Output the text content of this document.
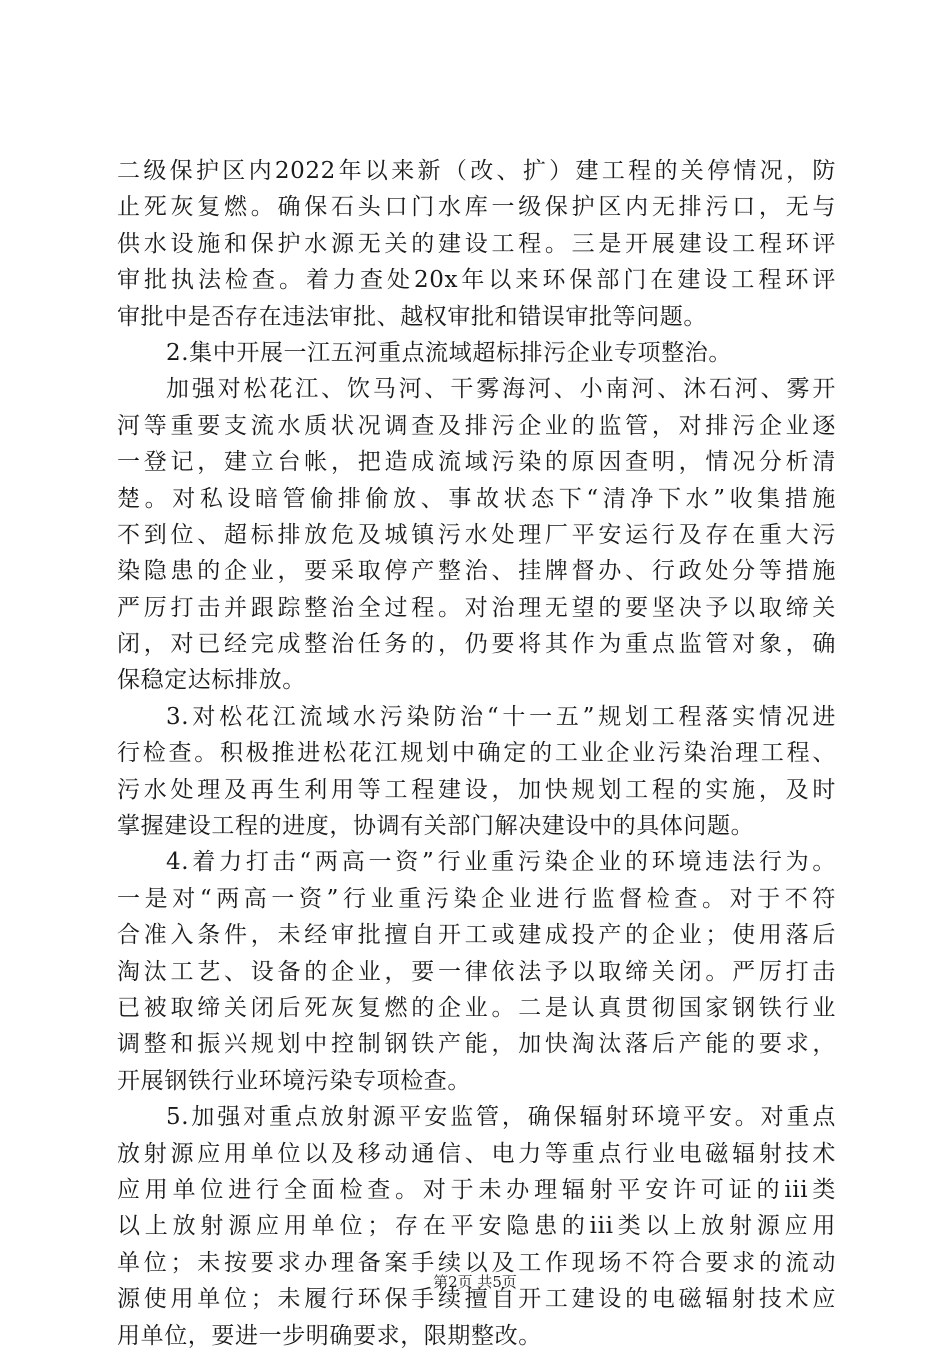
二级保护区内2022年以来新（改、扩）建工程的关停情况，防
止死灰复燃。确保石头口门水库一级保护区内无排污口，无与
供水设施和保护水源无关的建设工程。三是开展建设工程环评
审批执法检查。着力查处20x年以来环保部门在建设工程环评
审批中是否存在违法审批、越权审批和错误审批等问题。
2.集中开展一江五河重点流域超标排污企业专项整治。
加强对松花江、饮马河、干雾海河、小南河、沐石河、雾开
河等重要支流水质状况调查及排污企业的监管，对排污企业逐
一登记，建立台帐，把造成流域污染的原因查明，情况分析清
楚。对私设暗管偷排偷放、事故状态下“清净下水”收集措施
不到位、超标排放危及城镇污水处理厂平安运行及存在重大污
染隐患的企业，要采取停产整治、挂牌督办、行政处分等措施
严厉打击并跟踪整治全过程。对治理无望的要坚决予以取缔关
闭，对已经完成整治任务的，仍要将其作为重点监管对象，确
保稳定达标排放。
3.对松花江流域水污染防治“十一五”规划工程落实情况进
行检查。积极推进松花江规划中确定的工业企业污染治理工程、
污水处理及再生利用等工程建设，加快规划工程的实施，及时
掌握建设工程的进度，协调有关部门解决建设中的具体问题。
4.着力打击“两高一资”行业重污染企业的环境违法行为。
一是对“两高一资”行业重污染企业进行监督检查。对于不符
合准入条件，未经审批擅自开工或建成投产的企业；使用落后
淘汰工艺、设备的企业，要一律依法予以取缔关闭。严厉打击
已被取缔关闭后死灰复燃的企业。二是认真贯彻国家钢铁行业
调整和振兴规划中控制钢铁产能，加快淘汰落后产能的要求，
开展钢铁行业环境污染专项检查。
5.加强对重点放射源平安监管，确保辐射环境平安。对重点
放射源应用单位以及移动通信、电力等重点行业电磁辐射技术
应用单位进行全面检查。对于未办理辐射平安许可证的iii类
以上放射源应用单位；存在平安隐患的iii类以上放射源应用
单位；未按要求办理备案手续以及工作现场不符合要求的流动
源使用单位；未履行环保手续擅自开工建设的电磁辐射技术应
用单位，要进一步明确要求，限期整改。
第2页 共5页
